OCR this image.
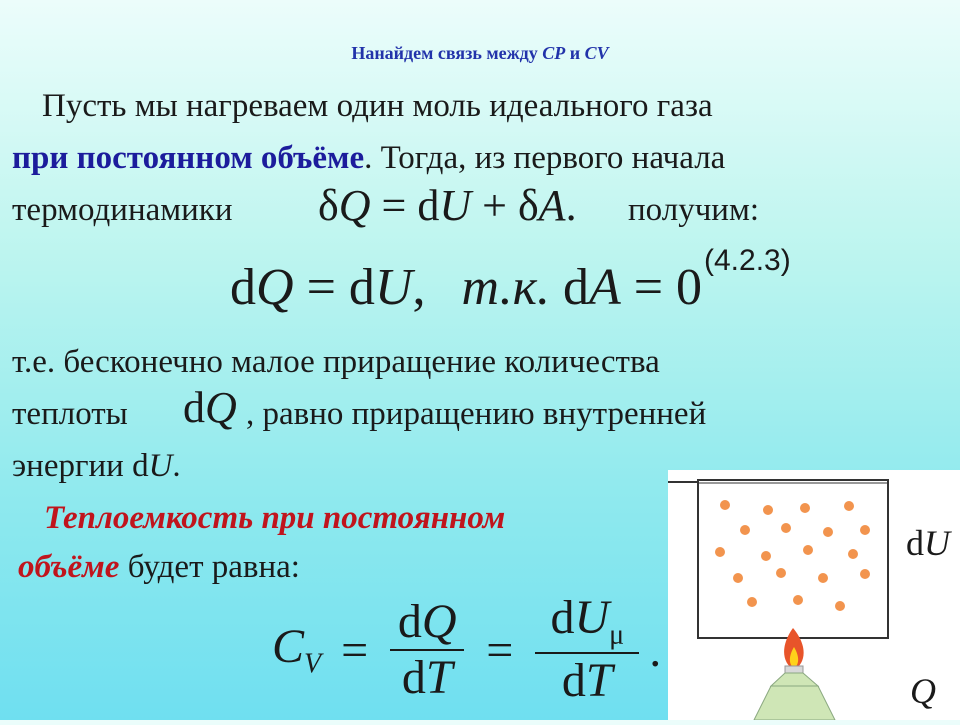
Нанайдем связь между CP и CV
Пусть мы нагреваем один моль идеального газа
при постоянном объёме. Тогда, из первого начала
термодинамики δQ = dU + δA. получим:
dQ = dU, т.к. dA = 0 (4.2.3)
т.е. бесконечно малое приращение количества
теплоты dQ , равно приращению внутренней
энергии dU.
Теплоемкость при постоянном
объёме будет равна:
$C_V = \frac{dQ}{dT} = \frac{dU_\mu}{dT}$ .
dU
Q
